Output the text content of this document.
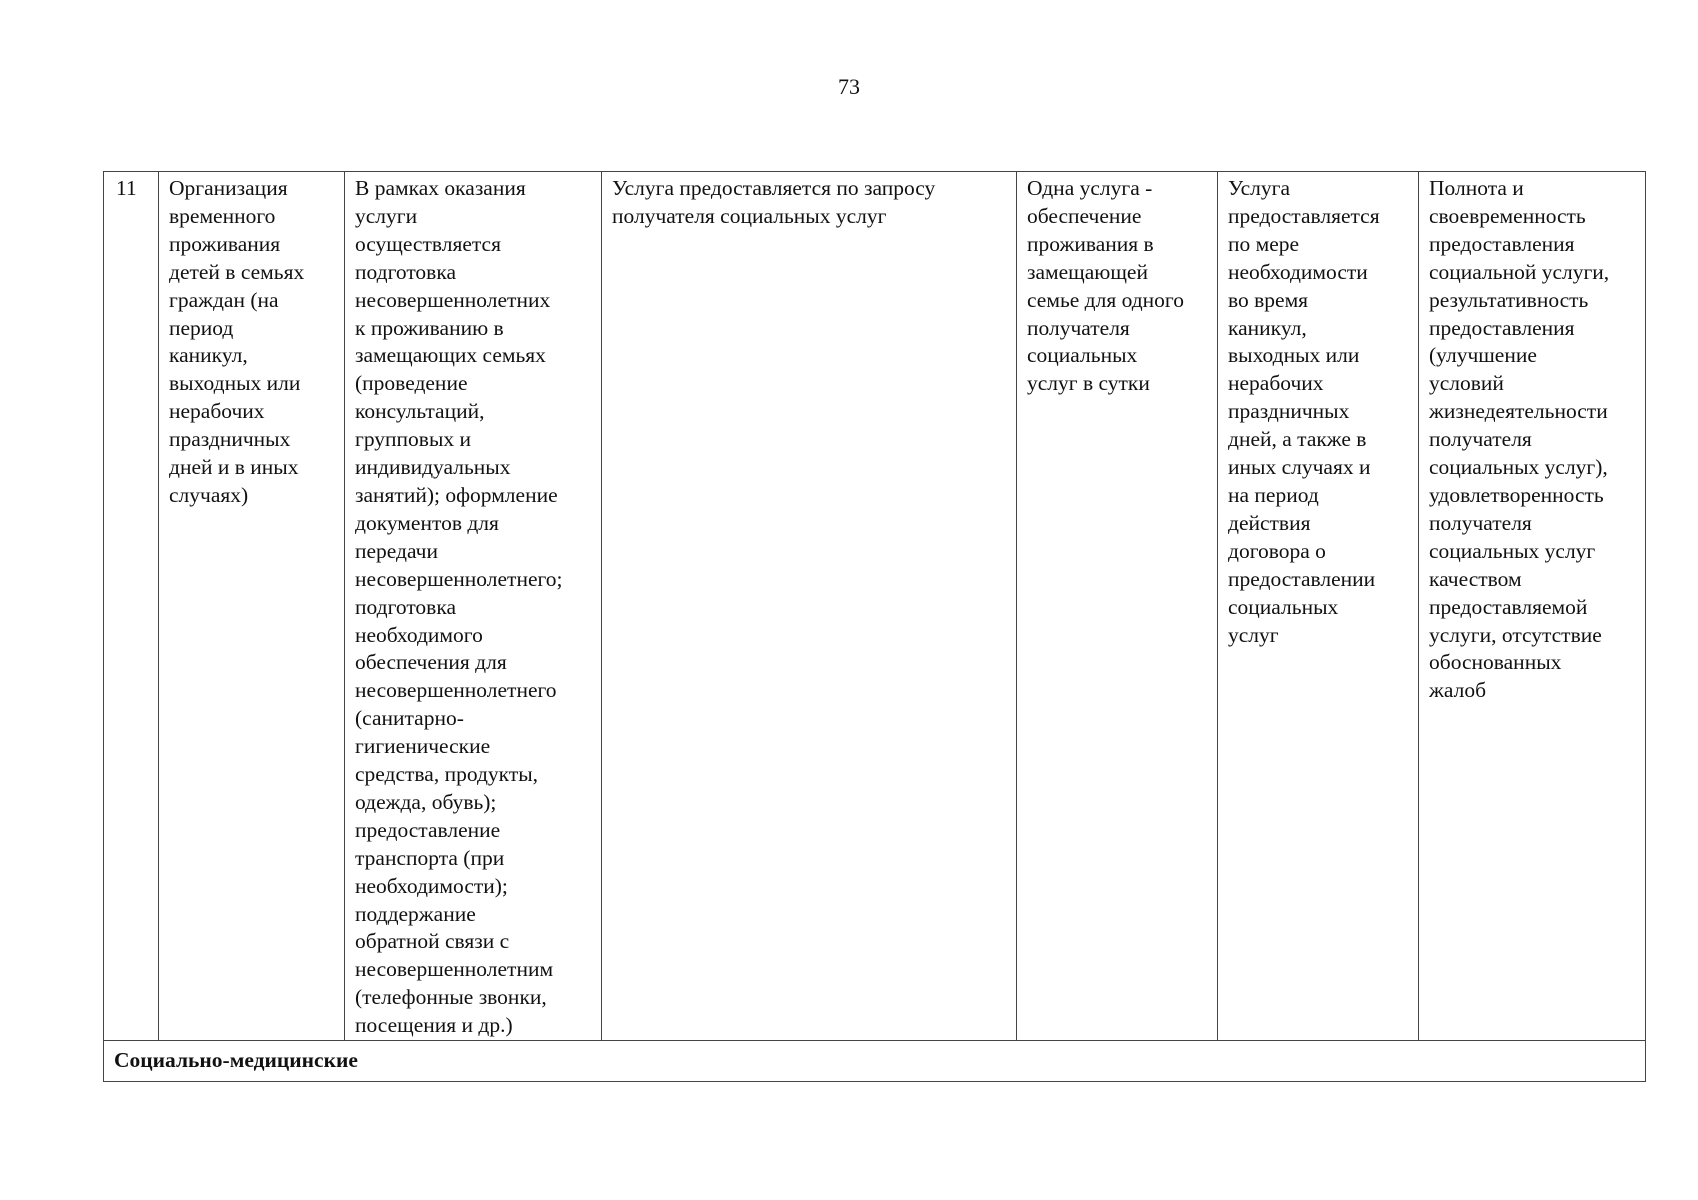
73
11	Организация
временного
проживания
детей в семьях
граждан (на
период
каникул,
выходных или
нерабочих
праздничных
дней и в иных
случаях)	В рамках оказания
услуги
осуществляется
подготовка
несовершеннолетних
к проживанию в
замещающих семьях
(проведение
консультаций,
групповых и
индивидуальных
занятий); оформление
документов для
передачи
несовершеннолетнего;
подготовка
необходимого
обеспечения для
несовершеннолетнего
(санитарно-
гигиенические
средства, продукты,
одежда, обувь);
предоставление
транспорта (при
необходимости);
поддержание
обратной связи с
несовершеннолетним
(телефонные звонки,
посещения и др.)	Услуга предоставляется по запросу
получателя социальных услуг	Одна услуга -
обеспечение
проживания в
замещающей
семье для одного
получателя
социальных
услуг в сутки	Услуга
предоставляется
по мере
необходимости
во время
каникул,
выходных или
нерабочих
праздничных
дней, а также в
иных случаях и
на период
действия
договора о
предоставлении
социальных
услуг	Полнота и
своевременность
предоставления
социальной услуги,
результативность
предоставления
(улучшение
условий
жизнедеятельности
получателя
социальных услуг),
удовлетворенность
получателя
социальных услуг
качеством
предоставляемой
услуги, отсутствие
обоснованных
жалоб
Социально-медицинские
